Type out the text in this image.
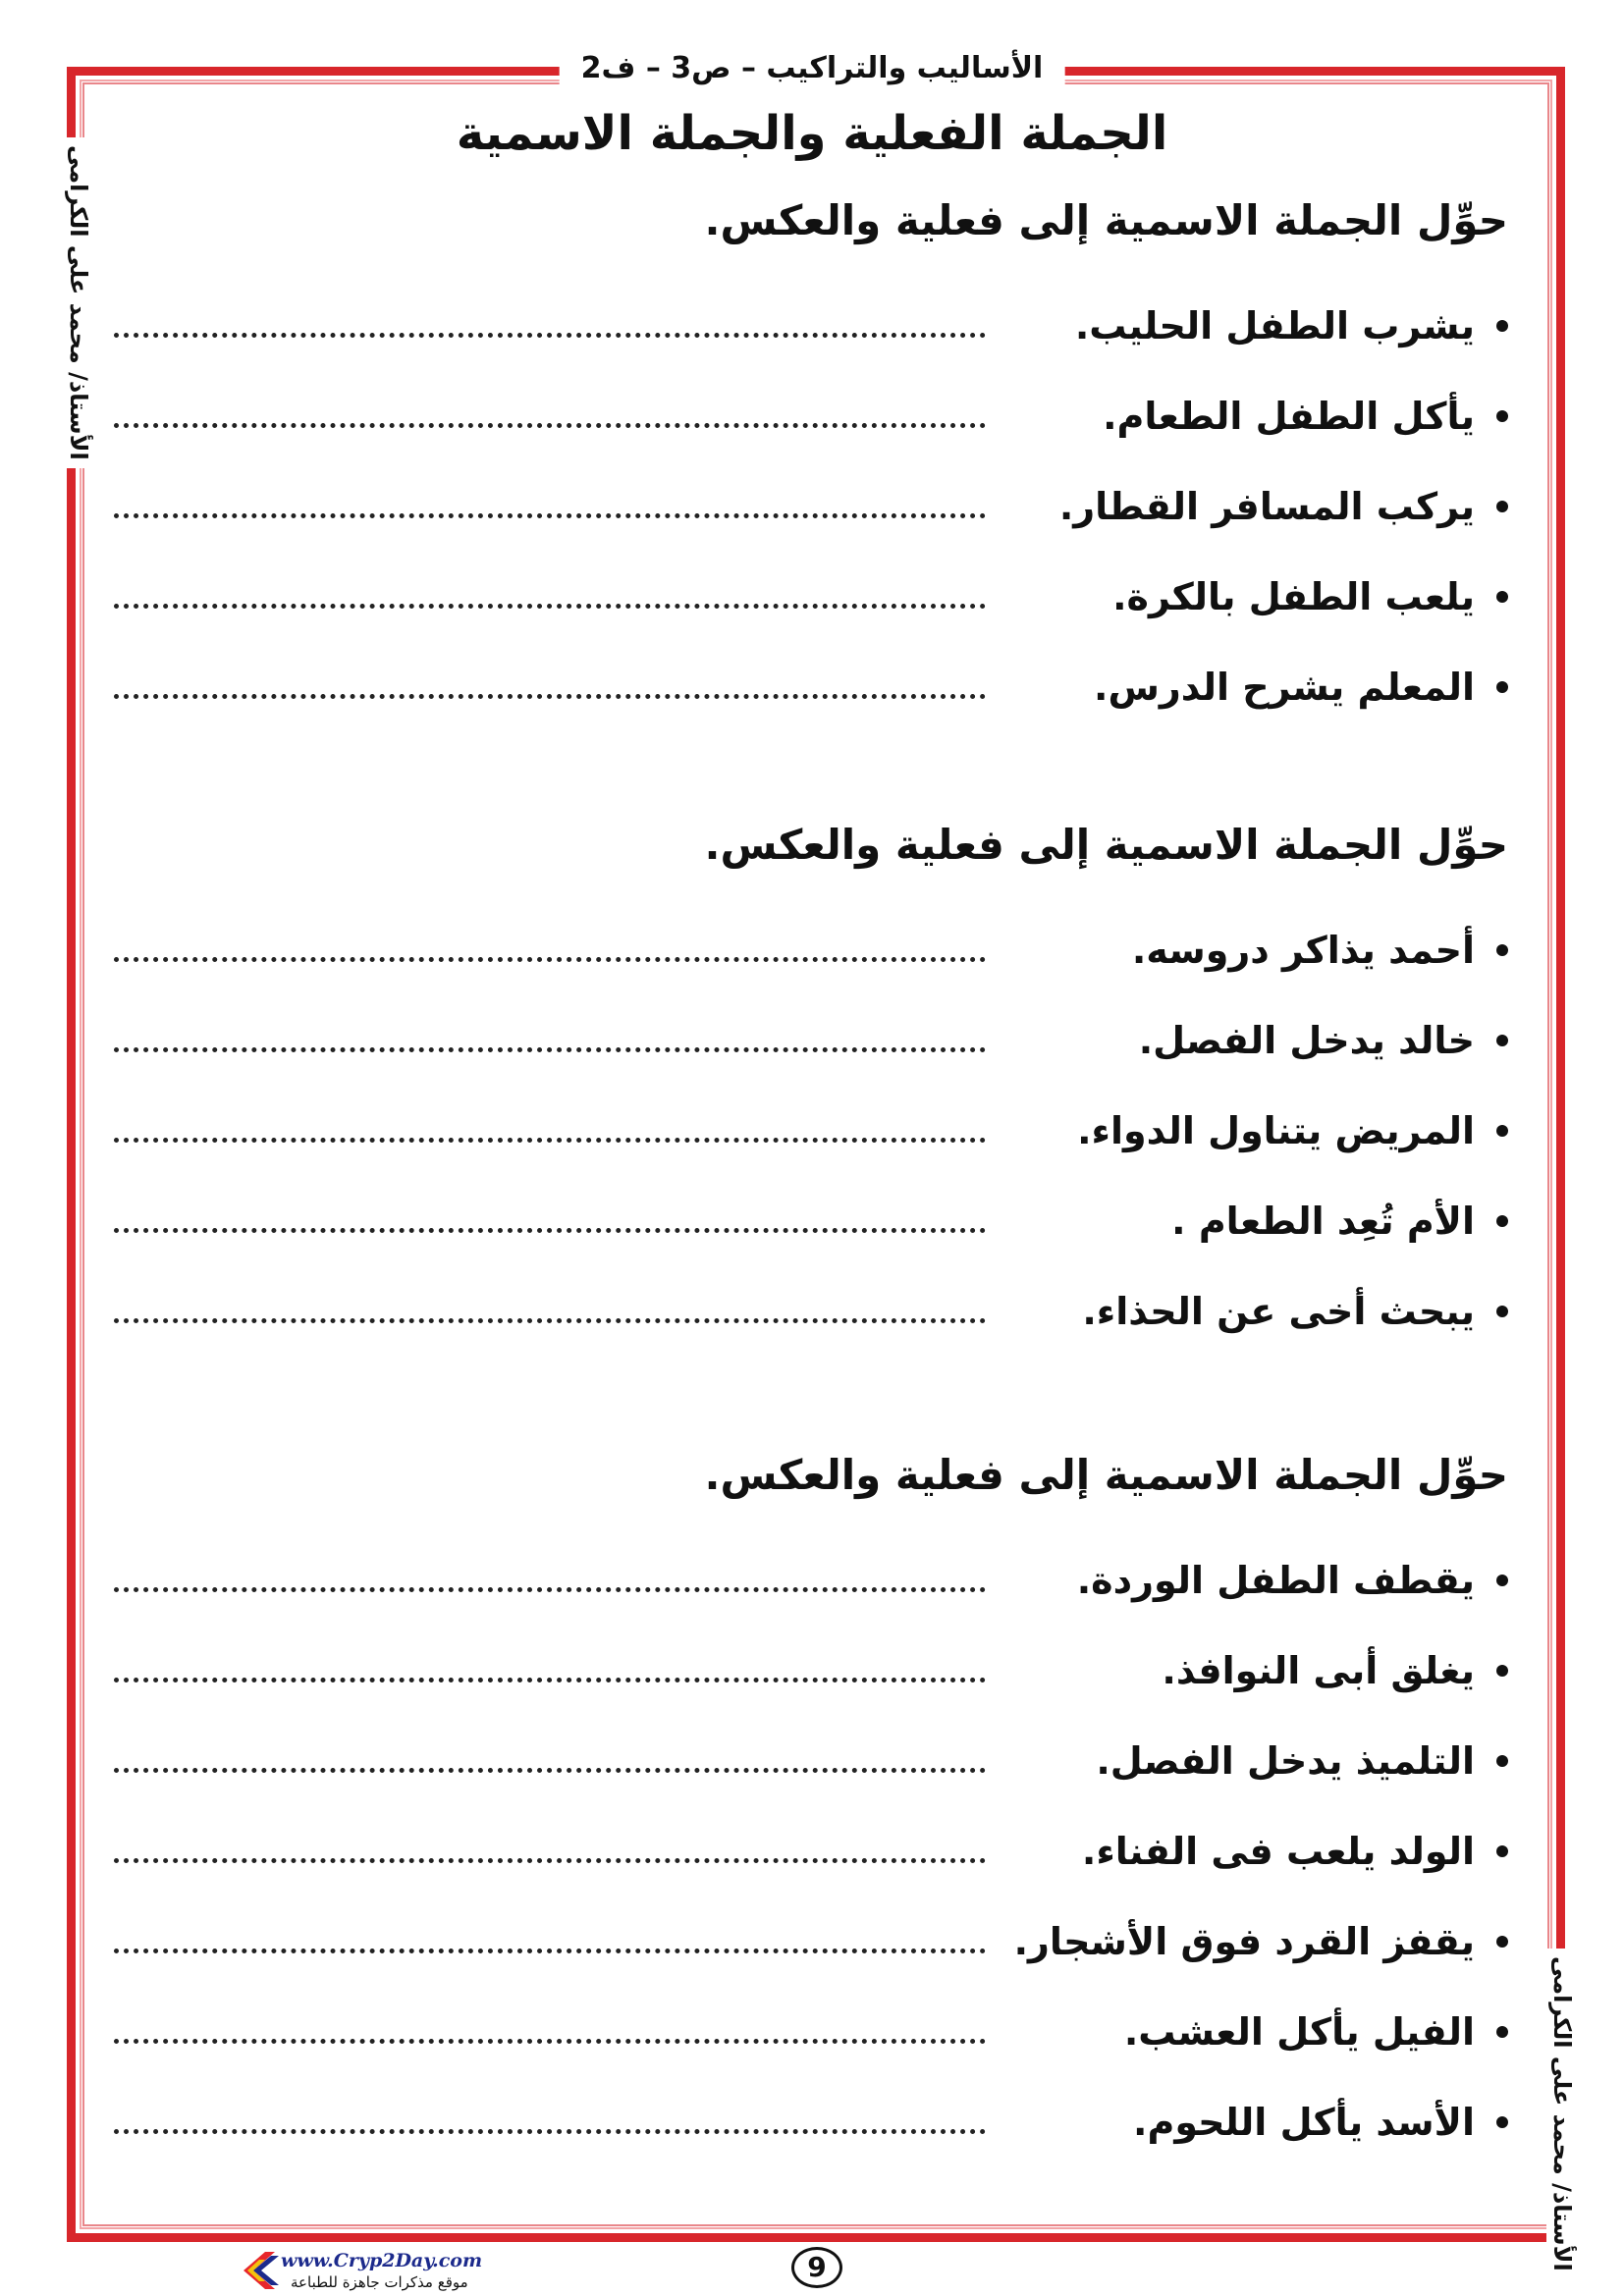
الأساليب والتراكيب – ص3 – ف2
الأستاذ/ محمد على الكرامى
الأستاذ/ محمد على الكرامى
الجملة الفعلية والجملة الاسمية
حوِّل الجملة الاسمية إلى فعلية والعكس.
يشرب الطفل الحليب.
يأكل الطفل الطعام.
يركب المسافر القطار.
يلعب الطفل بالكرة.
المعلم يشرح الدرس.
حوِّل الجملة الاسمية إلى فعلية والعكس.
أحمد يذاكر دروسه.
خالد يدخل الفصل.
المريض يتناول الدواء.
الأم تُعِد الطعام .
يبحث أخى عن الحذاء.
حوِّل الجملة الاسمية إلى فعلية والعكس.
يقطف الطفل الوردة.
يغلق أبى النوافذ.
التلميذ يدخل الفصل.
الولد يلعب فى الفناء.
يقفز القرد فوق الأشجار.
الفيل يأكل العشب.
الأسد يأكل اللحوم.
www.Cryp2Day.com
موقع مذكرات جاهزة للطباعة	9
